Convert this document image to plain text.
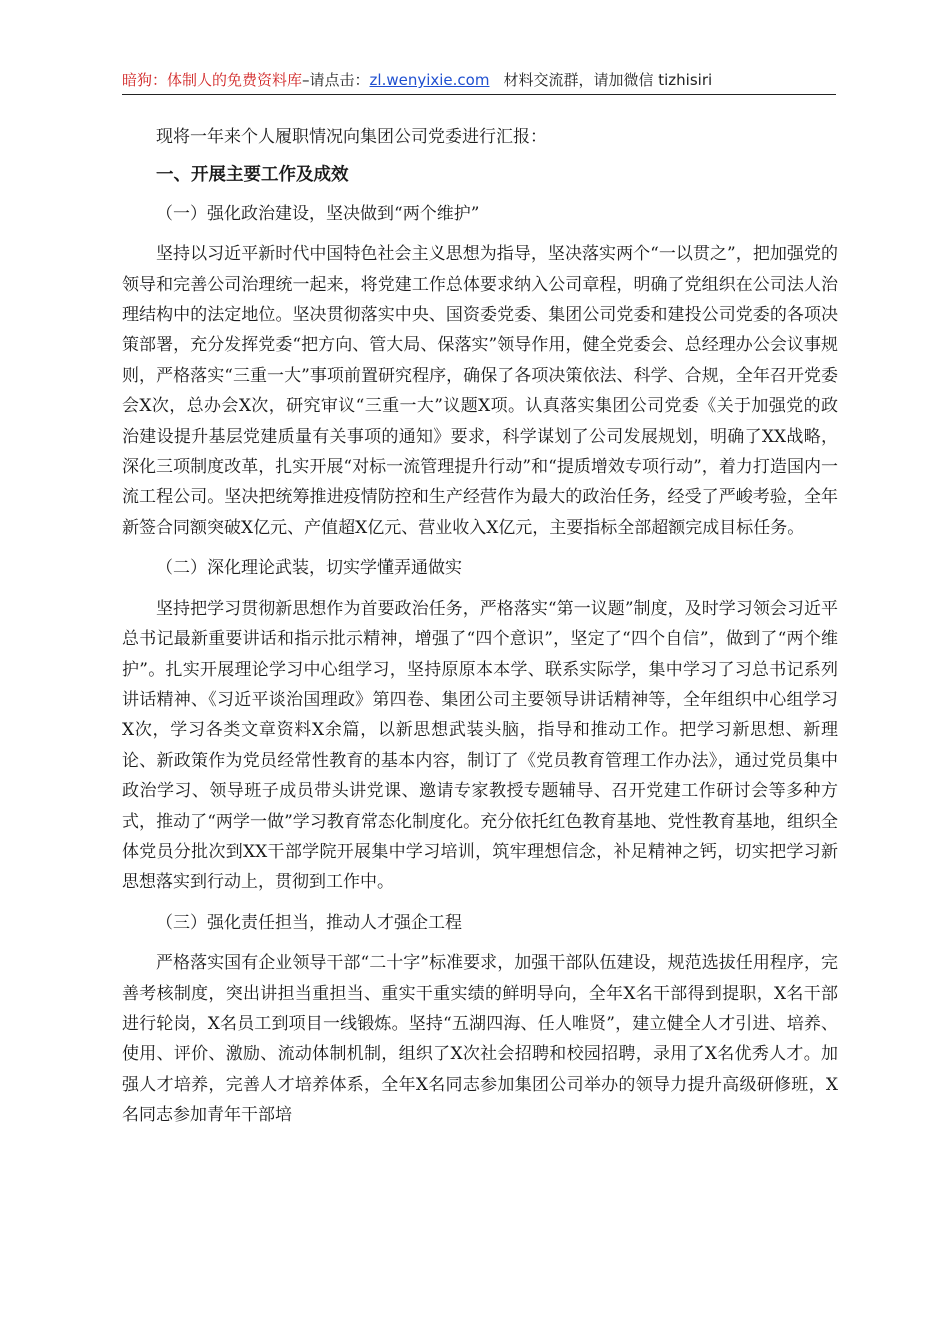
暗狗：体制人的免费资料库–请点击：zl.wenyixie.com 材料交流群，请加微信 tizhisiri

现将一年来个人履职情况向集团公司党委进行汇报：

一、开展主要工作及成效

（一）强化政治建设，坚决做到“两个维护”

坚持以习近平新时代中国特色社会主义思想为指导，坚决落实两个“一以贯之”，把加强党的领导和完善公司治理统一起来，将党建工作总体要求纳入公司章程，明确了党组织在公司法人治理结构中的法定地位。坚决贯彻落实中央、国资委党委、集团公司党委和建投公司党委的各项决策部署，充分发挥党委“把方向、管大局、保落实”领导作用，健全党委会、总经理办公会议事规则，严格落实“三重一大”事项前置研究程序，确保了各项决策依法、科学、合规，全年召开党委会X次，总办会X次，研究审议“三重一大”议题X项。认真落实集团公司党委《关于加强党的政治建设提升基层党建质量有关事项的通知》要求，科学谋划了公司发展规划，明确了XX战略，深化三项制度改革，扎实开展“对标一流管理提升行动”和“提质增效专项行动”，着力打造国内一流工程公司。坚决把统筹推进疫情防控和生产经营作为最大的政治任务，经受了严峻考验，全年新签合同额突破X亿元、产值超X亿元、营业收入X亿元，主要指标全部超额完成目标任务。

（二）深化理论武装，切实学懂弄通做实

坚持把学习贯彻新思想作为首要政治任务，严格落实“第一议题”制度，及时学习领会习近平总书记最新重要讲话和指示批示精神，增强了“四个意识”，坚定了“四个自信”，做到了“两个维护”。扎实开展理论学习中心组学习，坚持原原本本学、联系实际学，集中学习了习总书记系列讲话精神、《习近平谈治国理政》第四卷、集团公司主要领导讲话精神等，全年组织中心组学习X次，学习各类文章资料X余篇，以新思想武装头脑，指导和推动工作。把学习新思想、新理论、新政策作为党员经常性教育的基本内容，制订了《党员教育管理工作办法》，通过党员集中政治学习、领导班子成员带头讲党课、邀请专家教授专题辅导、召开党建工作研讨会等多种方式，推动了“两学一做”学习教育常态化制度化。充分依托红色教育基地、党性教育基地，组织全体党员分批次到XX干部学院开展集中学习培训，筑牢理想信念，补足精神之钙，切实把学习新思想落实到行动上，贯彻到工作中。

（三）强化责任担当，推动人才强企工程

严格落实国有企业领导干部“二十字”标准要求，加强干部队伍建设，规范选拔任用程序，完善考核制度，突出讲担当重担当、重实干重实绩的鲜明导向，全年X名干部得到提职，X名干部进行轮岗，X名员工到项目一线锻炼。坚持“五湖四海、任人唯贤”，建立健全人才引进、培养、使用、评价、激励、流动体制机制，组织了X次社会招聘和校园招聘，录用了X名优秀人才。加强人才培养，完善人才培养体系，全年X名同志参加集团公司举办的领导力提升高级研修班，X名同志参加青年干部培
